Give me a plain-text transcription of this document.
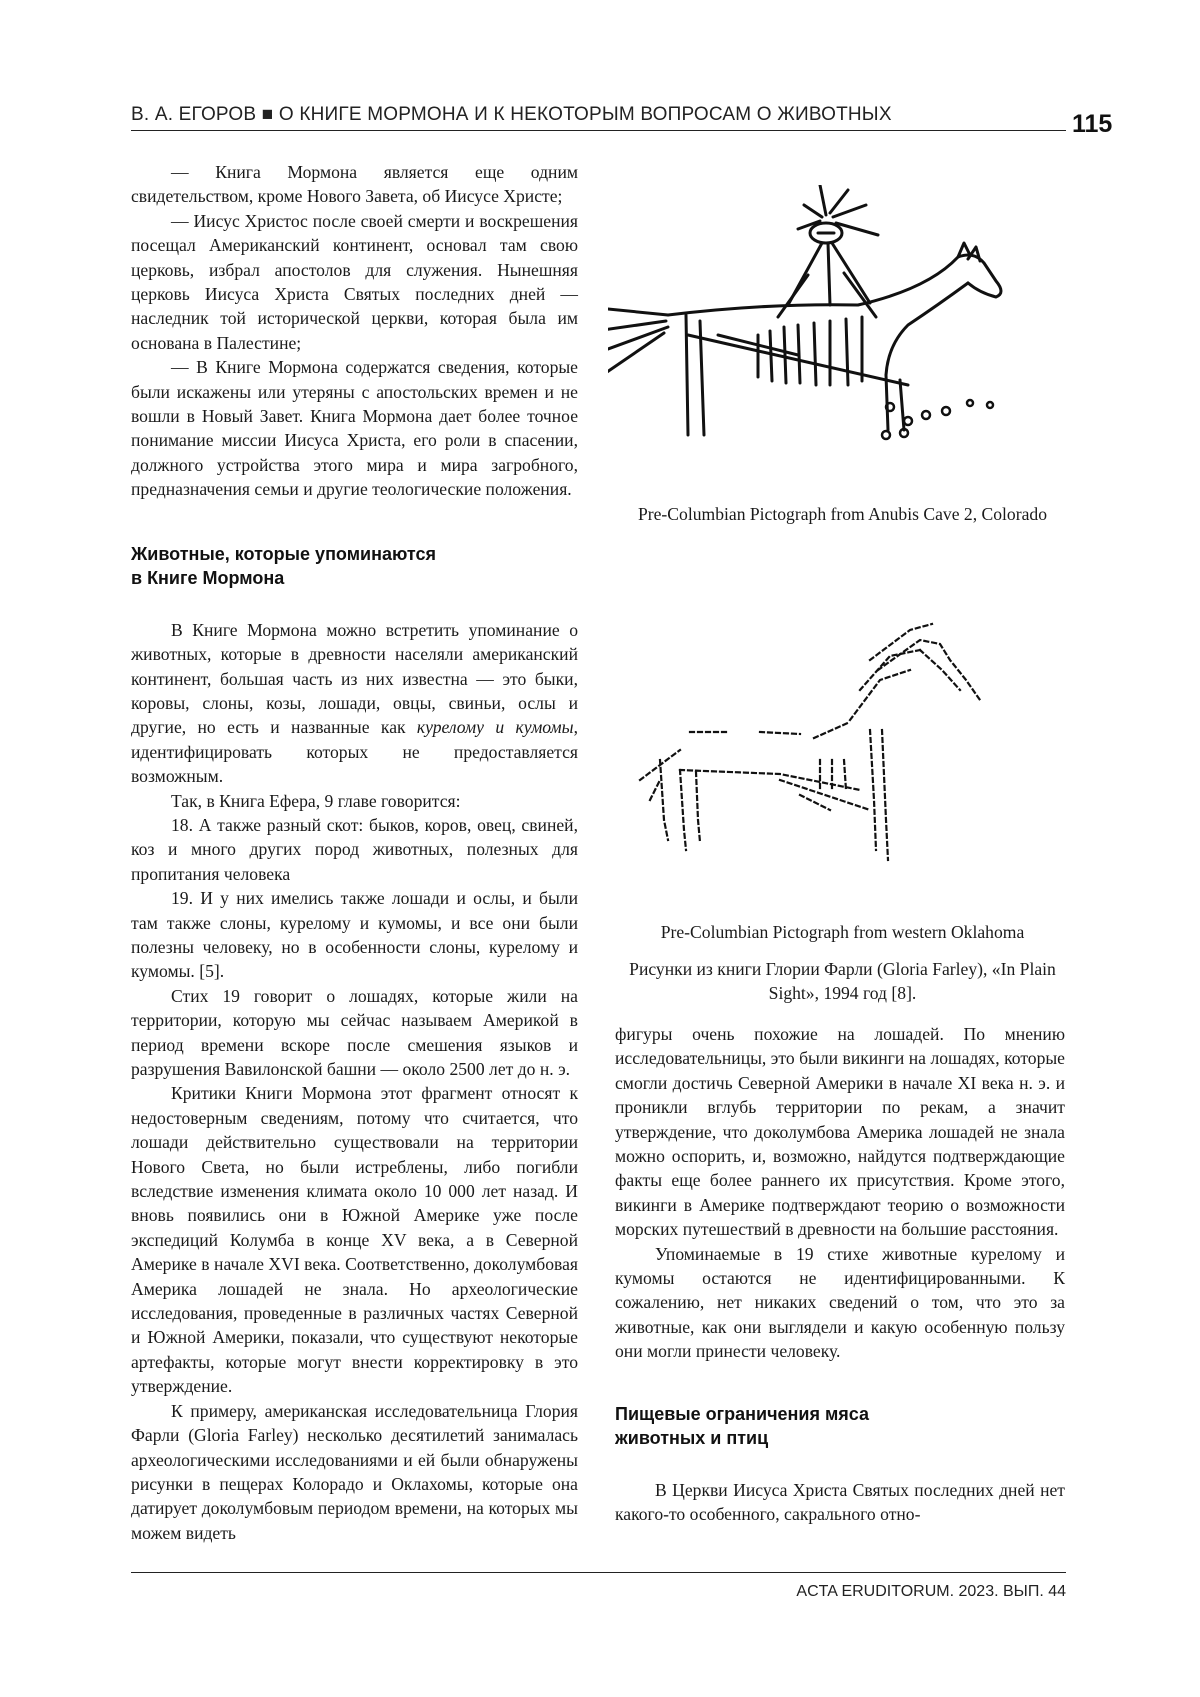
В. А. ЕГОРОВ ■ О КНИГЕ МОРМОНА И К НЕКОТОРЫМ ВОПРОСАМ О ЖИВОТНЫХ	115

— Книга Мормона является еще одним свидетельством, кроме Нового Завета, об Иисусе Христе;

— Иисус Христос после своей смерти и воскрешения посещал Американский континент, основал там свою церковь, избрал апостолов для служения. Нынешняя церковь Иисуса Христа Святых последних дней — наследник той исторической церкви, которая была им основана в Палестине;

— В Книге Мормона содержатся сведения, которые были искажены или утеряны с апостольских времен и не вошли в Новый Завет. Книга Мормона дает более точное понимание миссии Иисуса Христа, его роли в спасении, должного устройства этого мира и мира загробного, предназначения семьи и другие теологические положения.

Животные, которые упоминаются
в Книге Мормона

В Книге Мормона можно встретить упоминание о животных, которые в древности населяли американский континент, большая часть из них известна — это быки, коровы, слоны, козы, лошади, овцы, свиньи, ослы и другие, но есть и названные как курелому и кумомы, идентифицировать которых не предоставляется возможным.

Так, в Книга Ефера, 9 главе говорится:

18. А также разный скот: быков, коров, овец, свиней, коз и много других пород животных, полезных для пропитания человека

19. И у них имелись также лошади и ослы, и были там также слоны, курелому и кумомы, и все они были полезны человеку, но в особенности слоны, курелому и кумомы. [5].

Стих 19 говорит о лошадях, которые жили на территории, которую мы сейчас называем Америкой в период времени вскоре после смешения языков и разрушения Вавилонской башни — около 2500 лет до н. э.

Критики Книги Мормона этот фрагмент относят к недостоверным сведениям, потому что считается, что лошади действительно существовали на территории Нового Света, но были истреблены, либо погибли вследствие изменения климата около 10 000 лет назад. И вновь появились они в Южной Америке уже после экспедиций Колумба в конце XV века, а в Северной Америке в начале XVI века. Соответственно, доколумбовая Америка лошадей не знала. Но археологические исследования, проведенные в различных частях Северной и Южной Америки, показали, что существуют некоторые артефакты, которые могут внести корректировку в это утверждение.

К примеру, американская исследовательница Глория Фарли (Gloria Farley) несколько десятилетий занималась археологическими исследованиями и ей были обнаружены рисунки в пещерах Колорадо и Оклахомы, которые она датирует доколумбовым периодом времени, на которых мы можем видеть

Pre-Columbian Pictograph from Anubis Cave 2, Colorado
Pre-Columbian Pictograph from western Oklahoma
Рисунки из книги Глории Фарли (Gloria Farley), «In Plain Sight», 1994 год [8].

фигуры очень похожие на лошадей. По мнению исследовательницы, это были викинги на лошадях, которые смогли достичь Северной Америки в начале XI века н. э. и проникли вглубь территории по рекам, а значит утверждение, что доколумбова Америка лошадей не знала можно оспорить, и, возможно, найдутся подтверждающие факты еще более раннего их присутствия. Кроме этого, викинги в Америке подтверждают теорию о возможности морских путешествий в древности на большие расстояния.

Упоминаемые в 19 стихе животные курелому и кумомы остаются не идентифицированными. К сожалению, нет никаких сведений о том, что это за животные, как они выглядели и какую особенную пользу они могли принести человеку.

Пищевые ограничения мяса
животных и птиц

В Церкви Иисуса Христа Святых последних дней нет какого-то особенного, сакрального отно-

ACTA ERUDITORUM. 2023. ВЫП. 44
